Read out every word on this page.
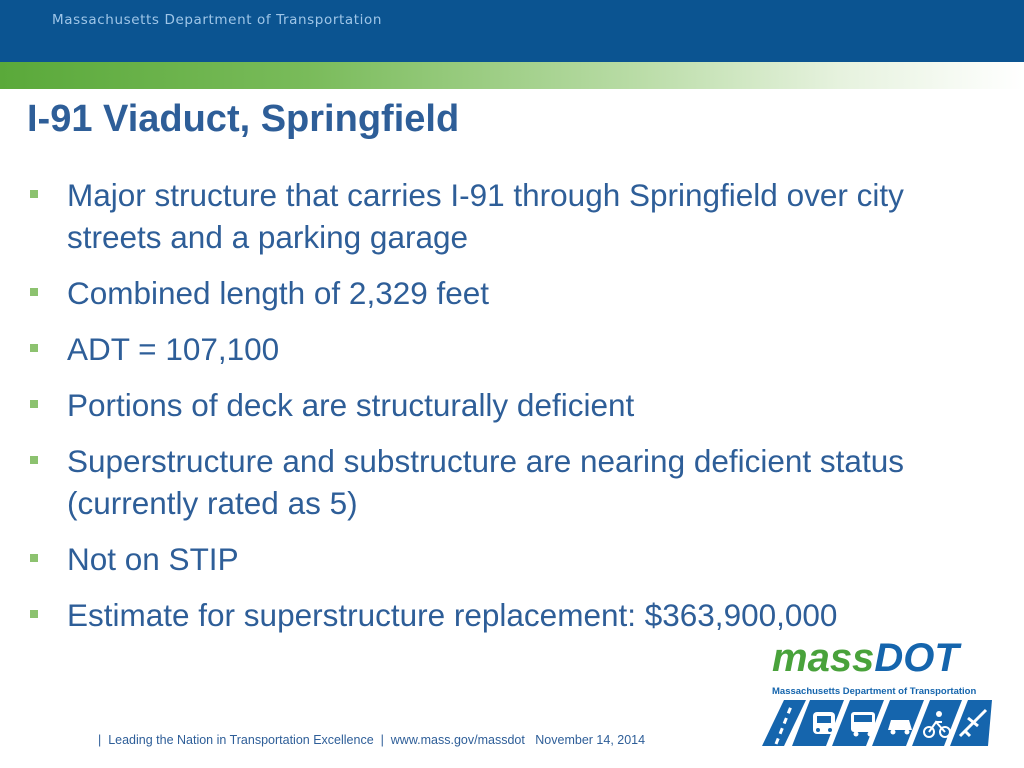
Massachusetts Department of Transportation
I-91 Viaduct, Springfield
Major structure that carries I-91 through Springfield over city streets and a parking garage
Combined length of 2,329 feet
ADT = 107,100
Portions of deck are structurally deficient
Superstructure and substructure are nearing deficient status (currently rated as 5)
Not on STIP
Estimate for superstructure replacement: $363,900,000
|  Leading the Nation in Transportation Excellence  |  www.mass.gov/massdot November 14, 2014
massDOT
Massachusetts Department of Transportation
